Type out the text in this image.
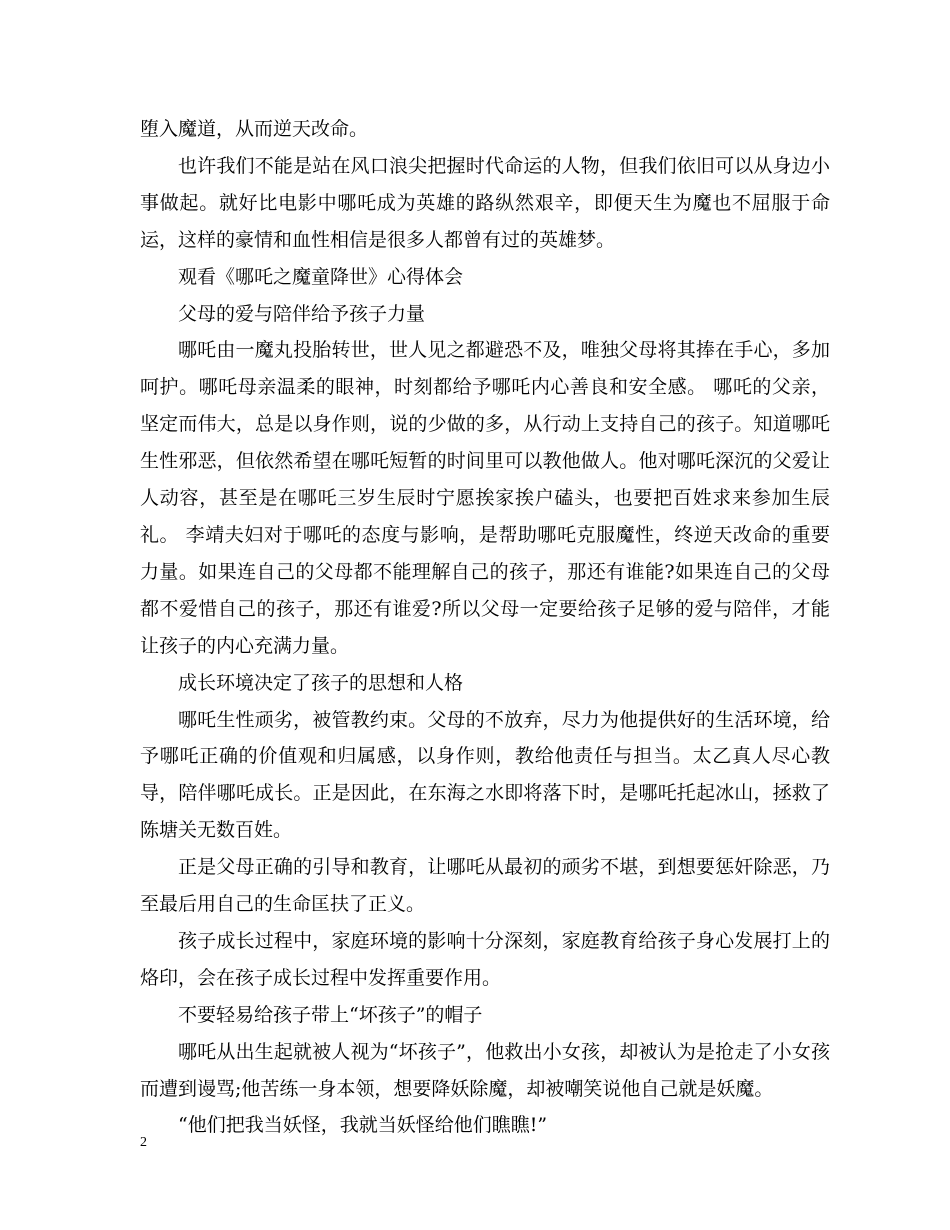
堕入魔道，从而逆天改命。

也许我们不能是站在风口浪尖把握时代命运的人物，但我们依旧可以从身边小事做起。就好比电影中哪吒成为英雄的路纵然艰辛，即便天生为魔也不屈服于命运，这样的豪情和血性相信是很多人都曾有过的英雄梦。

观看《哪吒之魔童降世》心得体会

父母的爱与陪伴给予孩子力量

哪吒由一魔丸投胎转世，世人见之都避恐不及，唯独父母将其捧在手心，多加呵护。哪吒母亲温柔的眼神，时刻都给予哪吒内心善良和安全感。 哪吒的父亲，坚定而伟大，总是以身作则，说的少做的多，从行动上支持自己的孩子。知道哪吒生性邪恶，但依然希望在哪吒短暂的时间里可以教他做人。他对哪吒深沉的父爱让人动容，甚至是在哪吒三岁生辰时宁愿挨家挨户磕头，也要把百姓求来参加生辰礼。 李靖夫妇对于哪吒的态度与影响，是帮助哪吒克服魔性，终逆天改命的重要力量。如果连自己的父母都不能理解自己的孩子，那还有谁能?如果连自己的父母都不爱惜自己的孩子，那还有谁爱?所以父母一定要给孩子足够的爱与陪伴，才能让孩子的内心充满力量。

成长环境决定了孩子的思想和人格

哪吒生性顽劣，被管教约束。父母的不放弃，尽力为他提供好的生活环境，给予哪吒正确的价值观和归属感，以身作则，教给他责任与担当。太乙真人尽心教导，陪伴哪吒成长。正是因此，在东海之水即将落下时，是哪吒托起冰山，拯救了陈塘关无数百姓。

正是父母正确的引导和教育，让哪吒从最初的顽劣不堪，到想要惩奸除恶，乃至最后用自己的生命匡扶了正义。

孩子成长过程中，家庭环境的影响十分深刻，家庭教育给孩子身心发展打上的烙印，会在孩子成长过程中发挥重要作用。

不要轻易给孩子带上“坏孩子”的帽子

哪吒从出生起就被人视为“坏孩子”，他救出小女孩，却被认为是抢走了小女孩而遭到谩骂;他苦练一身本领，想要降妖除魔，却被嘲笑说他自己就是妖魔。

“他们把我当妖怪，我就当妖怪给他们瞧瞧!”

2
